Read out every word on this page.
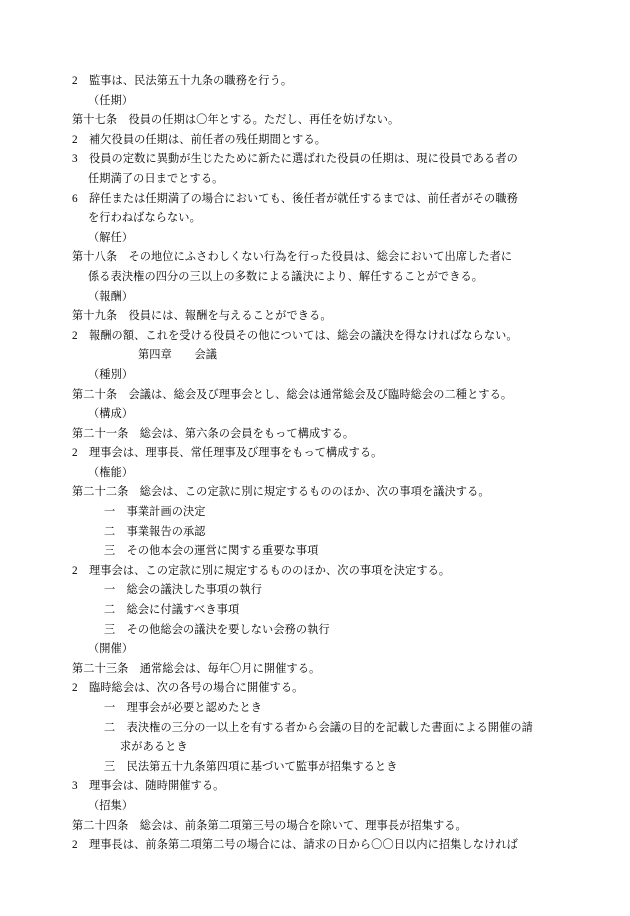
2　監事は、民法第五十九条の職務を行う。

（任期）

第十七条　役員の任期は〇年とする。ただし、再任を妨げない。

2　補欠役員の任期は、前任者の残任期間とする。

3　役員の定数に異動が生じたために新たに選ばれた役員の任期は、現に役員である者の

任期満了の日までとする。

6　辞任または任期満了の場合においても、後任者が就任するまでは、前任者がその職務

を行わねばならない。

（解任）

第十八条　その地位にふさわしくない行為を行った役員は、総会において出席した者に

係る表決権の四分の三以上の多数による議決により、解任することができる。

（報酬）

第十九条　役員には、報酬を与えることができる。

2　報酬の額、これを受ける役員その他については、総会の議決を得なければならない。

第四章　　会議

（種別）

第二十条　会議は、総会及び理事会とし、総会は通常総会及び臨時総会の二種とする。

（構成）

第二十一条　総会は、第六条の会員をもって構成する。

2　理事会は、理事長、常任理事及び理事をもって構成する。

（権能）

第二十二条　総会は、この定款に別に規定するもののほか、次の事項を議決する。

一　事業計画の決定

二　事業報告の承認

三　その他本会の運営に関する重要な事項

2　理事会は、この定款に別に規定するもののほか、次の事項を決定する。

一　総会の議決した事項の執行

二　総会に付議すべき事項

三　その他総会の議決を要しない会務の執行

（開催）

第二十三条　通常総会は、毎年〇月に開催する。

2　臨時総会は、次の各号の場合に開催する。

一　理事会が必要と認めたとき

二　表決権の三分の一以上を有する者から会議の目的を記載した書面による開催の請

求があるとき

三　民法第五十九条第四項に基づいて監事が招集するとき

3　理事会は、随時開催する。

（招集）

第二十四条　総会は、前条第二項第三号の場合を除いて、理事長が招集する。

2　理事長は、前条第二項第二号の場合には、請求の日から〇〇日以内に招集しなければ
